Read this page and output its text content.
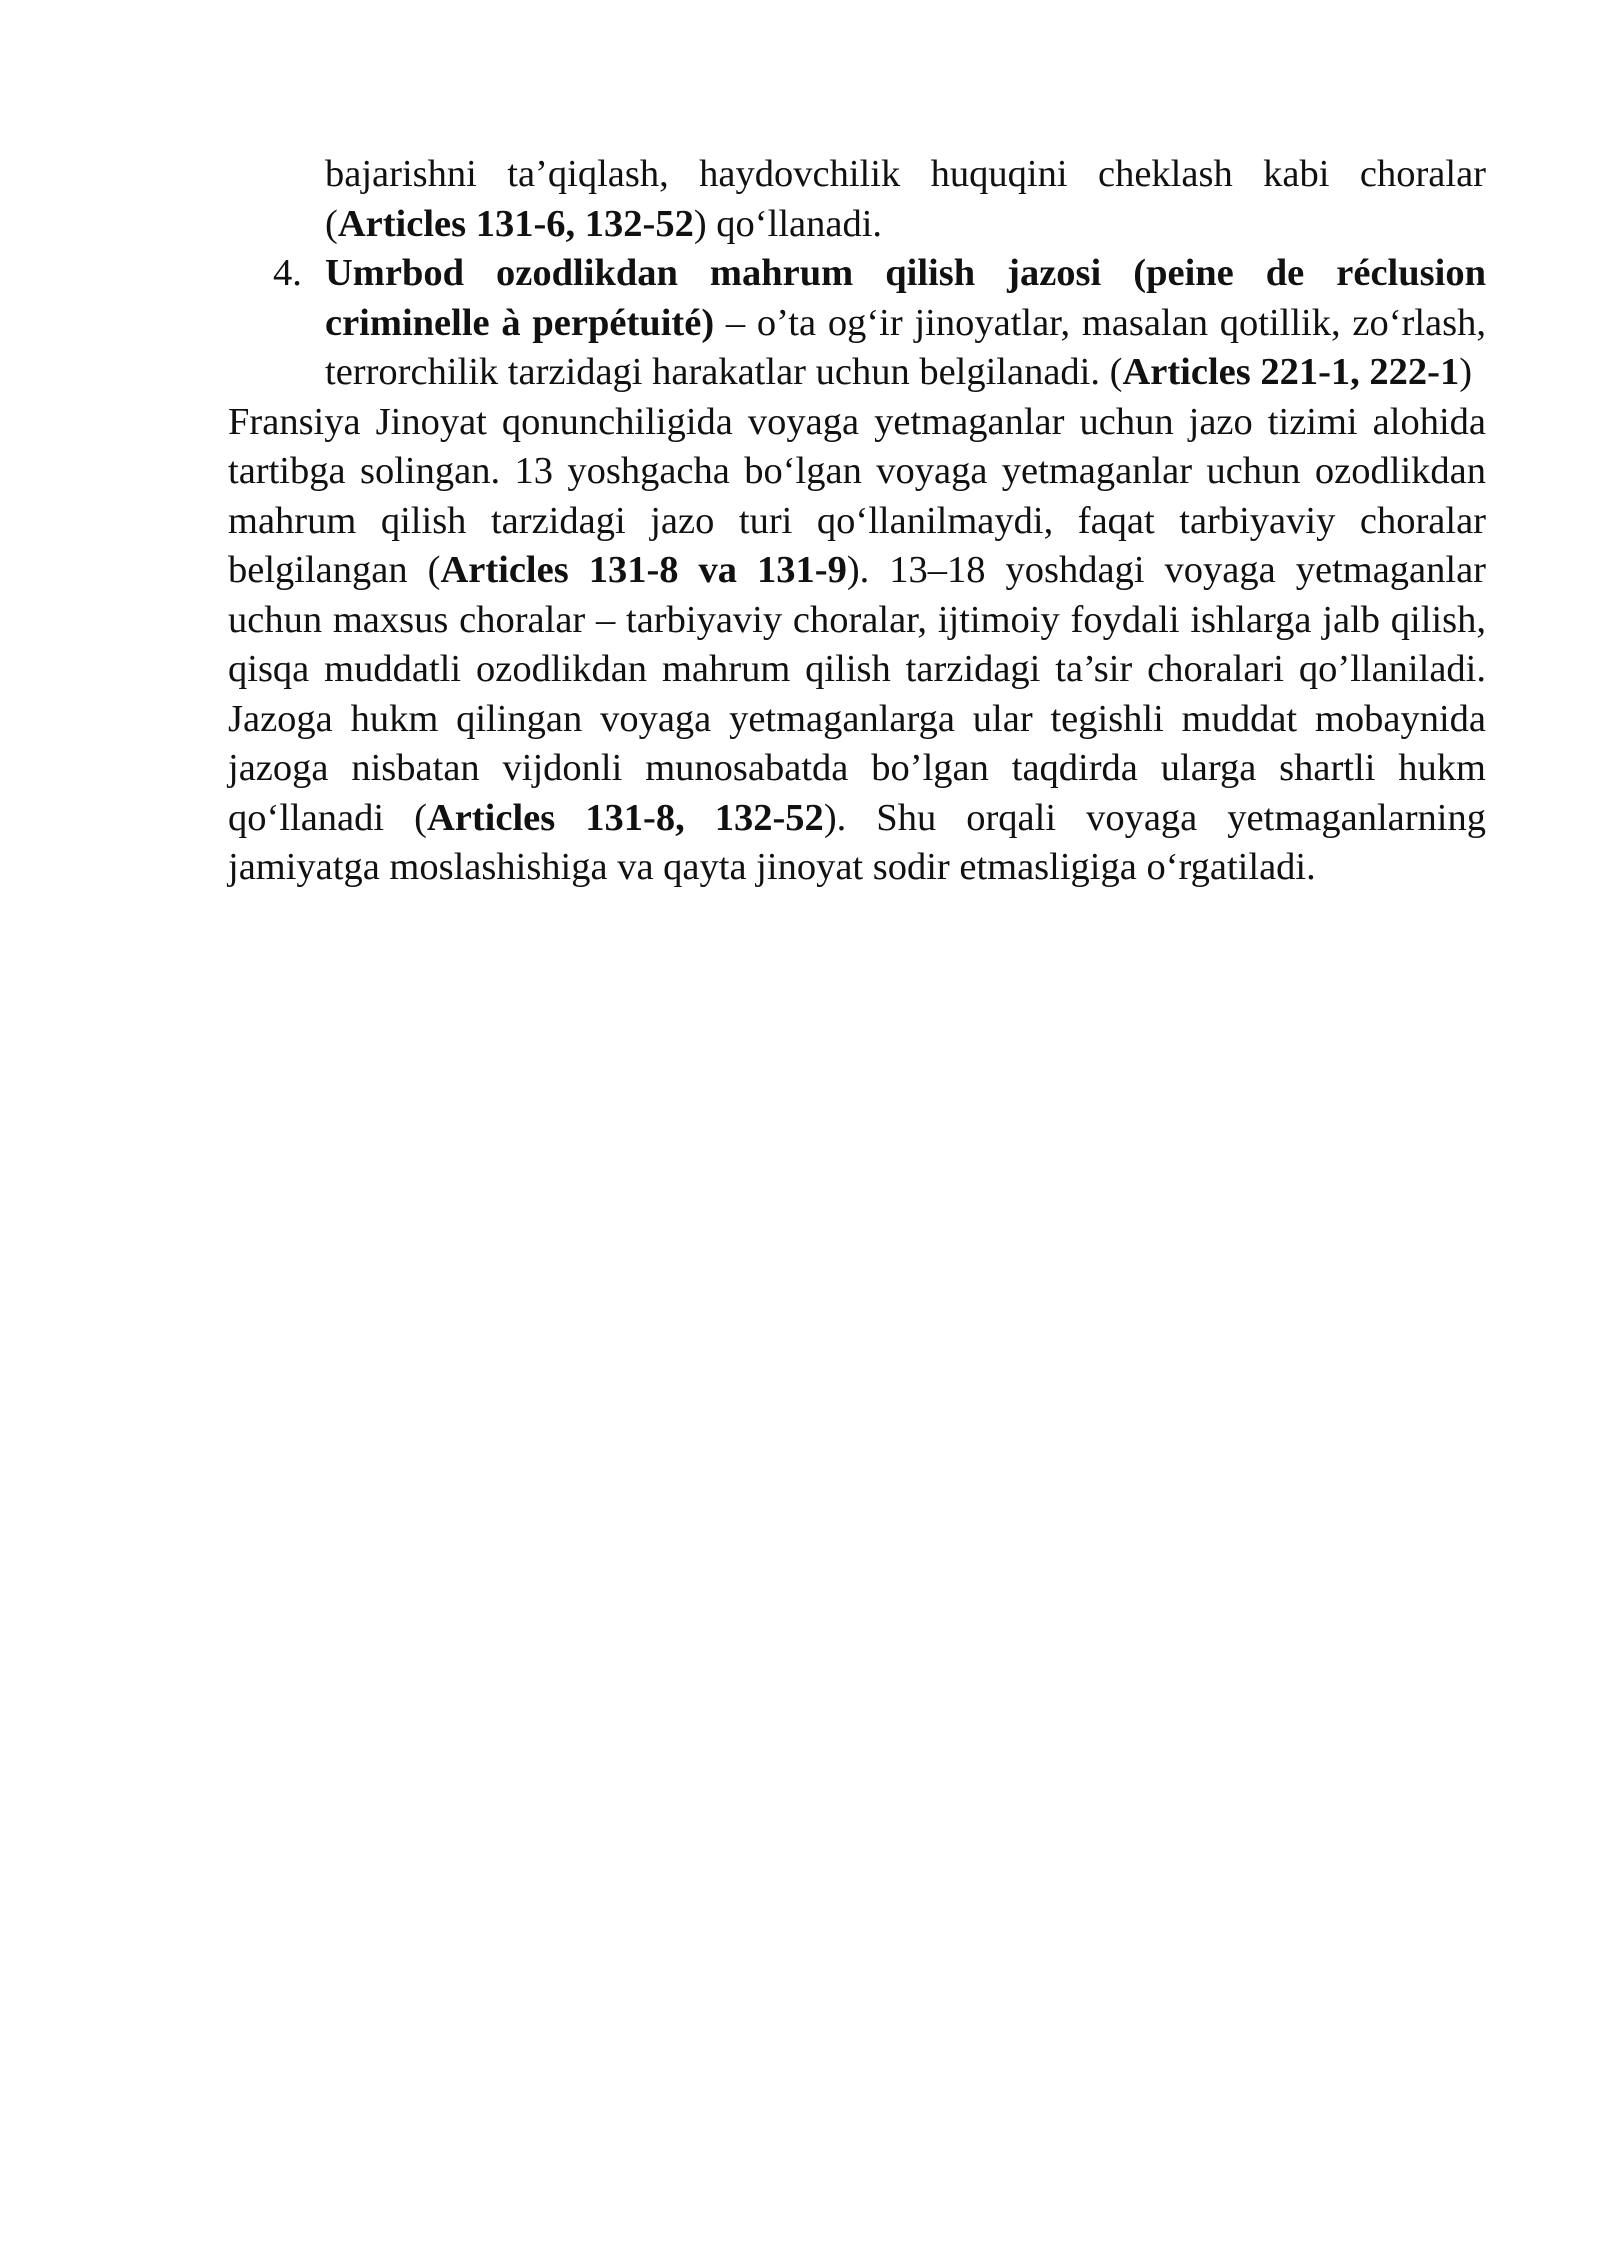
bajarishni ta’qiqlash, haydovchilik huquqini cheklash kabi choralar (Articles 131-6, 132-52) qo‘llanadi.
4. Umrbod ozodlikdan mahrum qilish jazosi (peine de réclusion criminelle à perpétuité) – o’ta og‘ir jinoyatlar, masalan qotillik, zo‘rlash, terrorchilik tarzidagi harakatlar uchun belgilanadi. (Articles 221-1, 222-1)

Fransiya Jinoyat qonunchiligida voyaga yetmaganlar uchun jazo tizimi alohida tartibga solingan. 13 yoshgacha bo‘lgan voyaga yetmaganlar uchun ozodlikdan mahrum qilish tarzidagi jazo turi qo‘llanilmaydi, faqat tarbiyaviy choralar belgilangan (Articles 131-8 va 131-9). 13–18 yoshdagi voyaga yetmaganlar uchun maxsus choralar – tarbiyaviy choralar, ijtimoiy foydali ishlarga jalb qilish, qisqa muddatli ozodlikdan mahrum qilish tarzidagi ta’sir choralari qo’llaniladi. Jazoga hukm qilingan voyaga yetmaganlarga ular tegishli muddat mobaynida jazoga nisbatan vijdonli munosabatda bo’lgan taqdirda ularga shartli hukm qo‘llanadi (Articles 131-8, 132-52). Shu orqali voyaga yetmaganlarning jamiyatga moslashishiga va qayta jinoyat sodir etmasligiga o‘rgatiladi.
